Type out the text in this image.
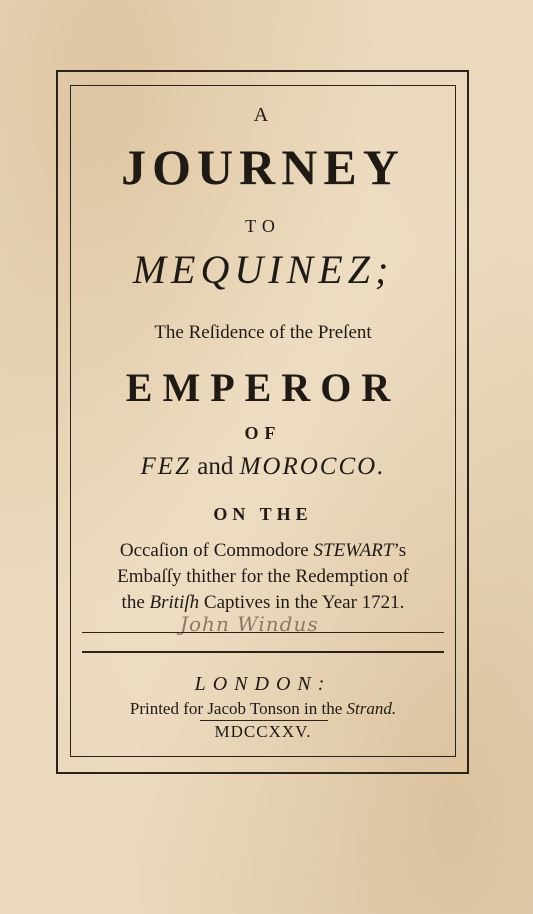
A
JOURNEY
TO
MEQUINEZ;
The Reſidence of the Preſent
EMPEROR
OF
FEZ and MOROCCO.
ON THE
Occaſion of Commodore STEWART’s
Embaſſy thither for the Redemption of
the Britiſh Captives in the Year 1721.
John Windus
LONDON:
Printed for Jacob Tonson in the Strand.
MDCCXXV.
